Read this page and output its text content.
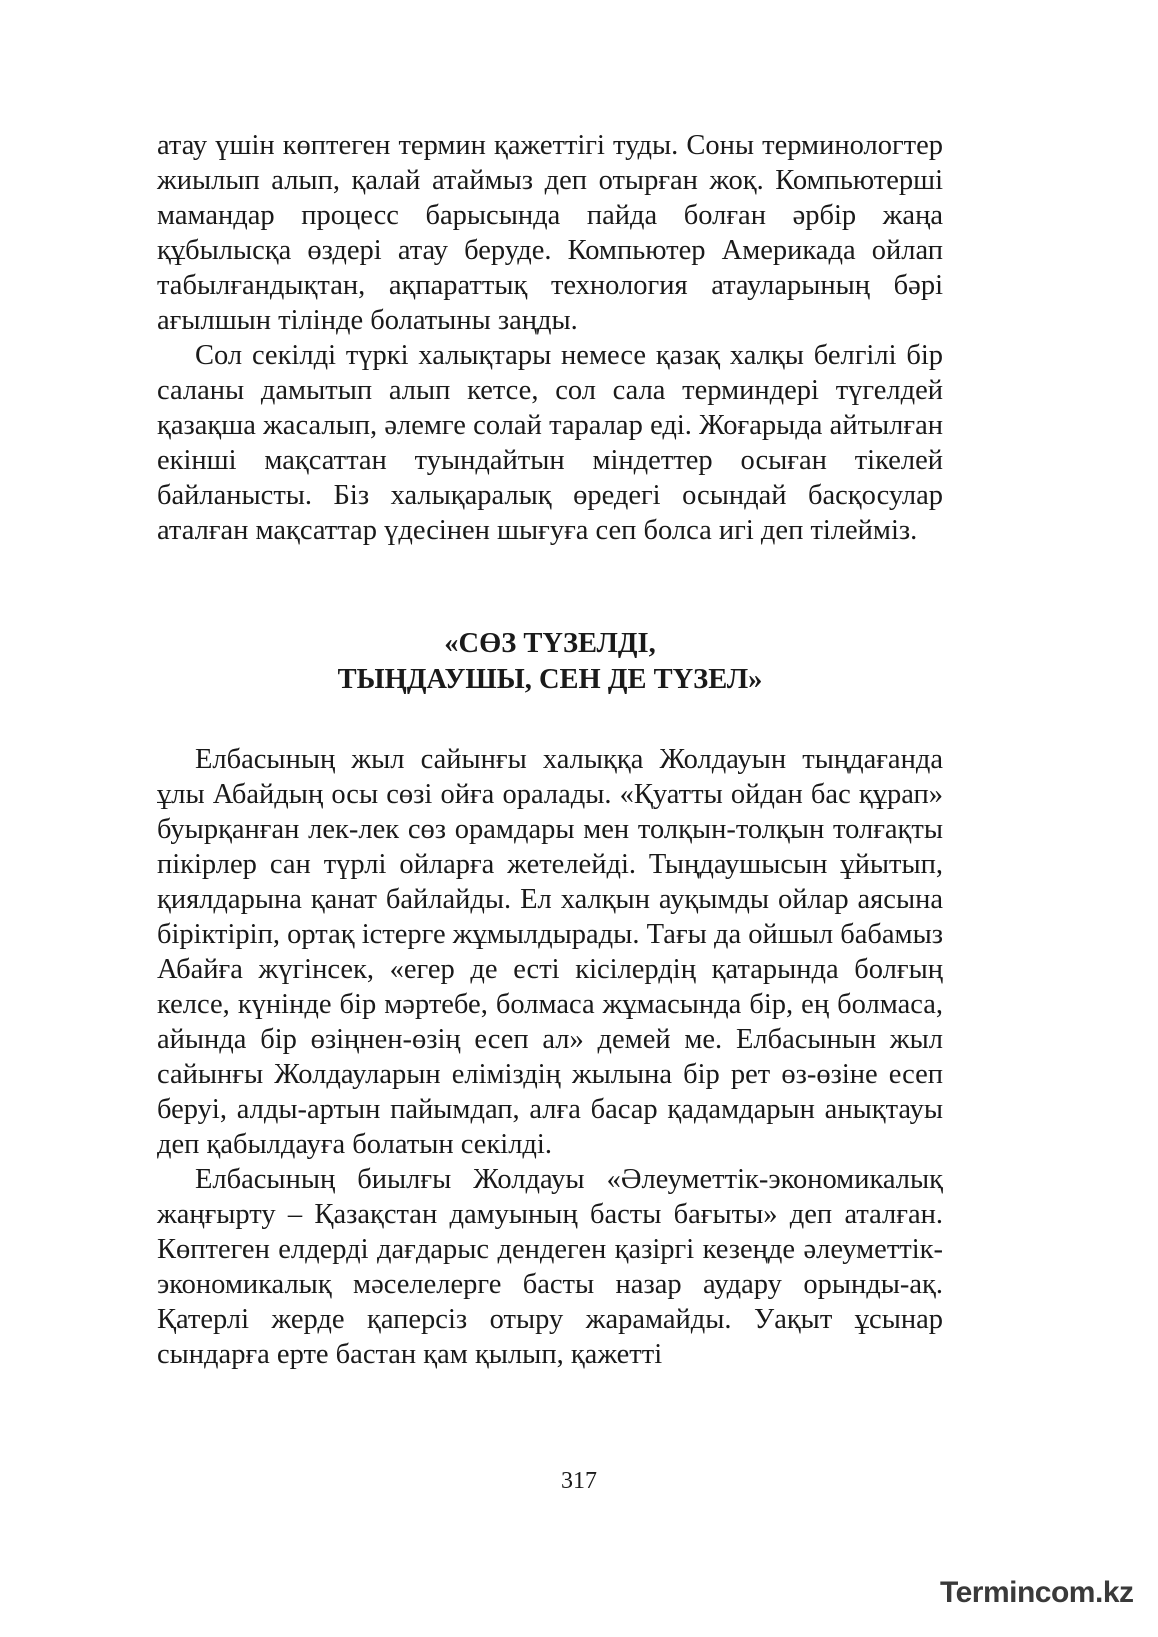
атау үшін көптеген термин қажеттігі туды. Соны терминологтер жиылып алып, қалай атаймыз деп отырған жоқ. Компьютерші мамандар процесс барысында пайда болған әрбір жаңа құбылысқа өздері атау беруде. Компьютер Америкада ойлап табылғандықтан, ақпараттық технология атауларының бәрі ағылшын тілінде болатыны заңды.

Сол секілді түркі халықтары немесе қазақ халқы белгілі бір саланы дамытып алып кетсе, сол сала терминдері түгелдей қазақша жасалып, әлемге солай таралар еді. Жоғарыда айтылған екінші мақсаттан туындайтын міндеттер осыған тікелей байланысты. Біз халықаралық өредегі осындай басқосулар аталған мақсаттар үдесінен шығуға сеп болса игі деп тілейміз.

«СӨЗ ТҮЗЕЛДІ,
ТЫҢДАУШЫ, СЕН ДЕ ТҮЗЕЛ»

Елбасының жыл сайынғы халыққа Жолдауын тыңдағанда ұлы Абайдың осы сөзі ойға оралады. «Қуатты ойдан бас құрап» буырқанған лек-лек сөз орамдары мен толқын-толқын толғақты пікірлер сан түрлі ойларға жетелейді. Тыңдаушысын ұйытып, қиялдарына қанат байлайды. Ел халқын ауқымды ойлар аясына біріктіріп, ортақ істерге жұмылдырады. Тағы да ойшыл бабамыз Абайға жүгінсек, «егер де есті кісілердің қатарында болғың келсе, күнінде бір мәртебе, болмаса жұмасында бір, ең болмаса, айында бір өзіңнен-өзің есеп ал» демей ме. Елбасынын жыл сайынғы Жолдауларын еліміздің жылына бір рет өз-өзіне есеп беруі, алды-артын пайымдап, алға басар қадамдарын анықтауы деп қабылдауға болатын секілді.

Елбасының биылғы Жолдауы «Әлеуметтік-экономикалық жаңғырту – Қазақстан дамуының басты бағыты» деп аталған. Көптеген елдерді дағдарыс дендеген қазіргі кезеңде әлеуметтік-экономикалық мәселелерге басты назар аудару орынды-ақ. Қатерлі жерде қаперсіз отыру жарамайды. Уақыт ұсынар сындарға ерте бастан қам қылып, қажетті

317
Termincom.kz
